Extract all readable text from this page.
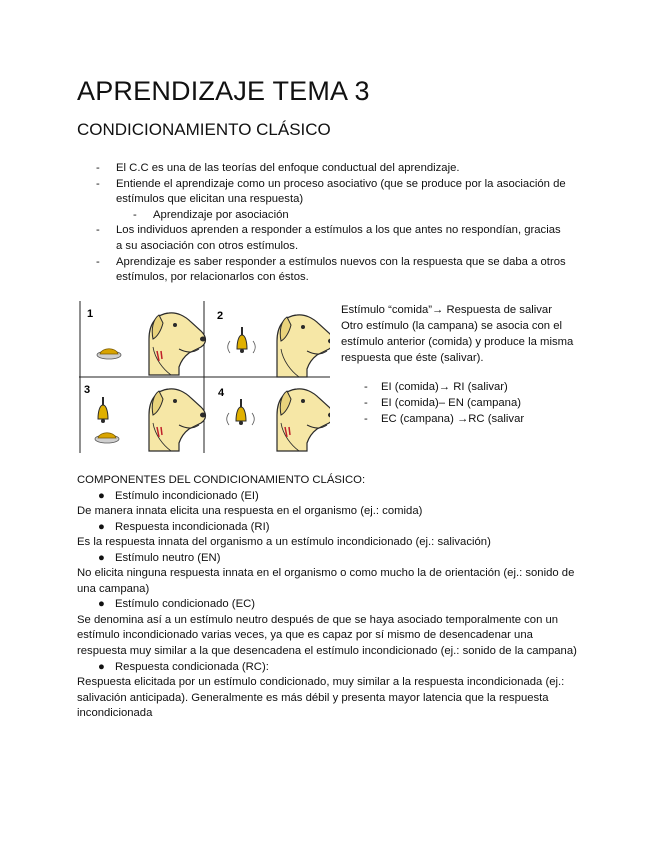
APRENDIZAJE TEMA 3
CONDICIONAMIENTO CLÁSICO
- El C.C es una de las teorías del enfoque conductual del aprendizaje.
- Entiende el aprendizaje como un proceso asociativo (que se produce por la asociación de estímulos que elicitan una respuesta)
- Aprendizaje por asociación
- Los individuos aprenden a responder a estímulos a los que antes no respondían, gracias a su asociación con otros estímulos.
- Aprendizaje es saber responder a estímulos nuevos con la respuesta que se daba a otros estímulos, por relacionarlos con éstos.
1	2
3	4
Estímulo “comida”→ Respuesta de salivar
Otro estímulo (la campana) se asocia con el estímulo anterior (comida) y produce la misma respuesta que éste (salivar).
- EI (comida)→ RI (salivar)
- EI (comida)– EN (campana)
- EC (campana) →RC (salivar
COMPONENTES DEL CONDICIONAMIENTO CLÁSICO:
● Estímulo incondicionado (EI)
De manera innata elicita una respuesta en el organismo (ej.: comida)
● Respuesta incondicionada (RI)
Es la respuesta innata del organismo a un estímulo incondicionado (ej.: salivación)
● Estímulo neutro (EN)
No elicita ninguna respuesta innata en el organismo o como mucho la de orientación (ej.: sonido de una campana)
● Estímulo condicionado (EC)
Se denomina así a un estímulo neutro después de que se haya asociado temporalmente con un estímulo incondicionado varias veces, ya que es capaz por sí mismo de desencadenar una respuesta muy similar a la que desencadena el estímulo incondicionado (ej.: sonido de la campana)
● Respuesta condicionada (RC):
Respuesta elicitada por un estímulo condicionado, muy similar a la respuesta incondicionada (ej.: salivación anticipada). Generalmente es más débil y presenta mayor latencia que la respuesta incondicionada
